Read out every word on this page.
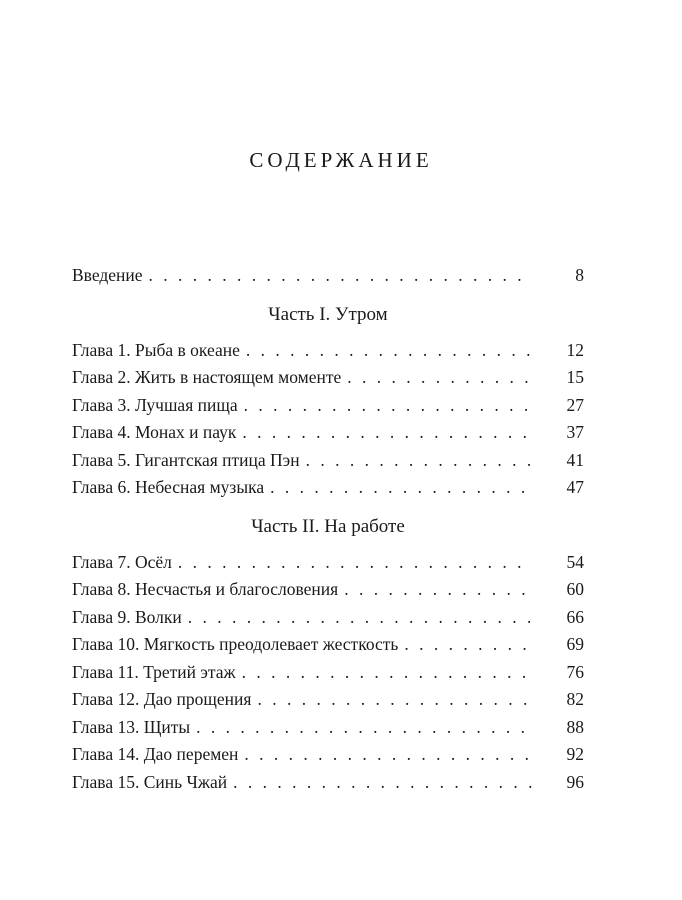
СОДЕРЖАНИЕ
Введение . . .	8
Часть I. Утром
Глава 1. Рыба в океане . . .	12
Глава 2. Жить в настоящем моменте . . .	15
Глава 3. Лучшая пища . . .	27
Глава 4. Монах и паук . . .	37
Глава 5. Гигантская птица Пэн . . .	41
Глава 6. Небесная музыка . . .	47
Часть II. На работе
Глава 7. Осёл . . .	54
Глава 8. Несчастья и благословения . . .	60
Глава 9. Волки . . .	66
Глава 10. Мягкость преодолевает жесткость . . .	69
Глава 11. Третий этаж . . .	76
Глава 12. Дао прощения . . .	82
Глава 13. Щиты . . .	88
Глава 14. Дао перемен . . .	92
Глава 15. Синь Чжай . . .	96
